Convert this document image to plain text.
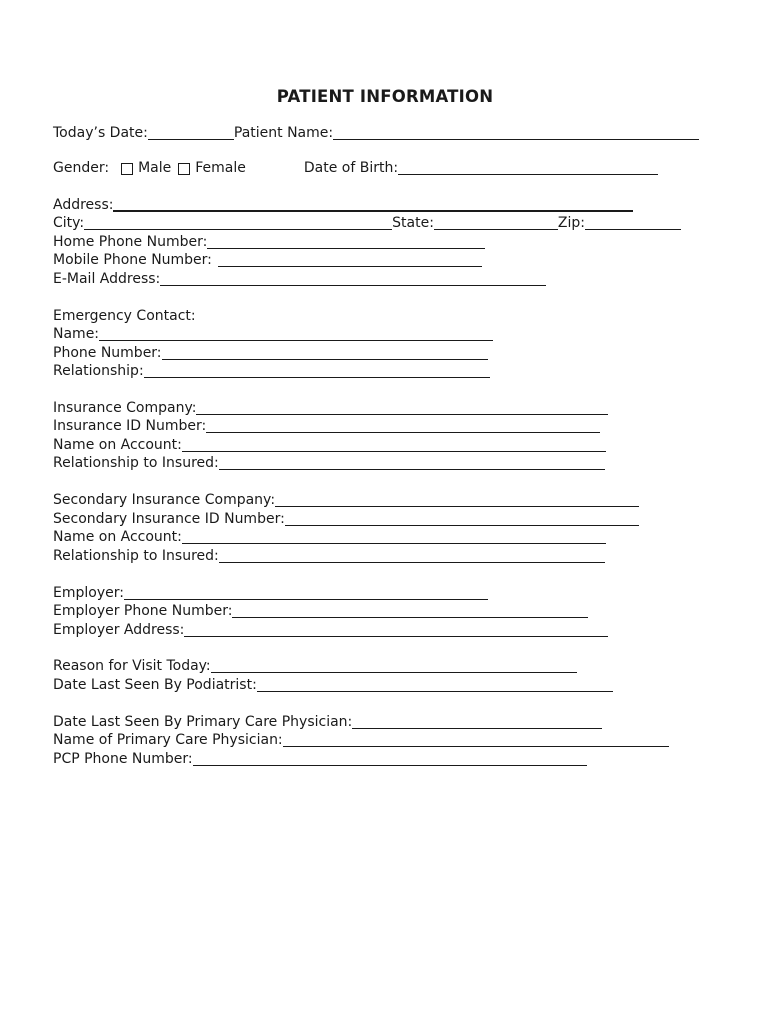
PATIENT INFORMATION
Today’s Date:	Patient Name:
Gender: Male Female	Date of Birth:
Address:
City:	State:	Zip:
Home Phone Number:
Mobile Phone Number:
E-Mail Address:
Emergency Contact:
Name:
Phone Number:
Relationship:
Insurance Company:
Insurance ID Number:
Name on Account:
Relationship to Insured:
Secondary Insurance Company:
Secondary Insurance ID Number:
Name on Account:
Relationship to Insured:
Employer:
Employer Phone Number:
Employer Address:
Reason for Visit Today:
Date Last Seen By Podiatrist:
Date Last Seen By Primary Care Physician:
Name of Primary Care Physician:
PCP Phone Number:
